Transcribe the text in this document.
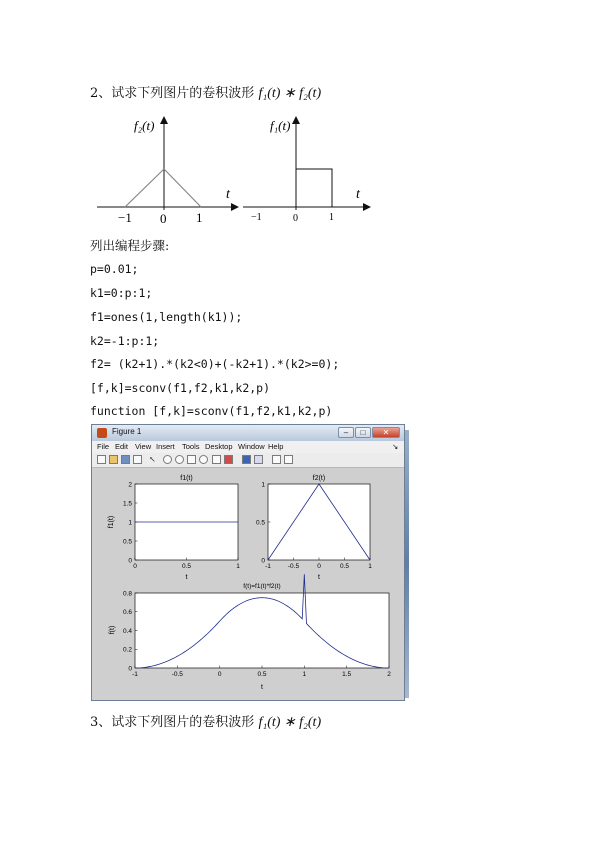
2、试求下列图片的卷积波形 f₁(t) ∗ f₂(t)
f₂(t)
t
−1 0 1
f₁(t)
t
−1	0	1
列出编程步骤:
p=0.01;
k1=0:p:1;
f1=ones(1,length(k1));
k2=-1:p:1;
f2= (k2+1).*(k2<0)+(-k2+1).*(k2>=0);
[f,k]=sconv(f1,f2,k1,k2,p)
function [f,k]=sconv(f1,f2,k1,k2,p)
Figure 1	‒	□	✕
File Edit View Insert Tools Desktop Window Help	↘
↖
f1(t)
0	0.5	1
0
0.5
1
1.5
2
t
f1(t)
f2(t)
-1	-0.5	0	0.5	1
0
0.5
1
t
f(t)=f1(t)*f2(t)
-1	-0.5	0	0.5	1	1.5	2
0
0.2
0.4
0.6
0.8
t
f(t)
3、试求下列图片的卷积波形 f₁(t) ∗ f₂(t)
